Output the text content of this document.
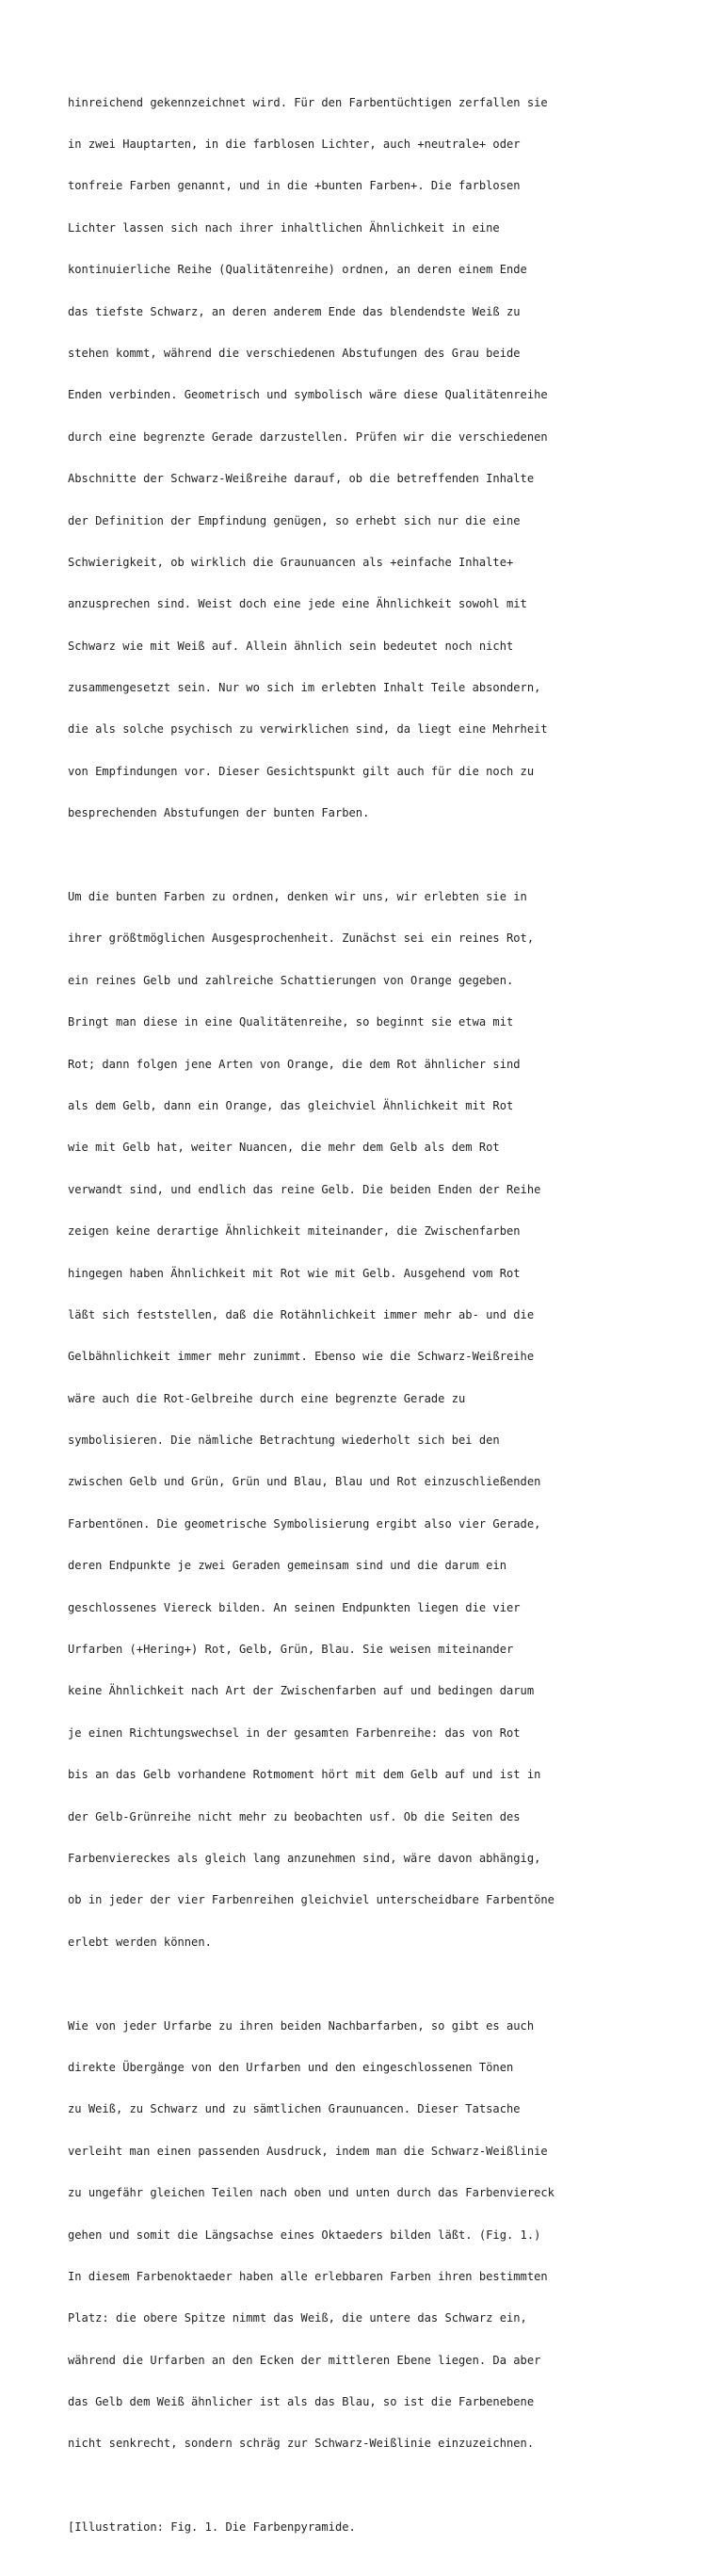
hinreichend gekennzeichnet wird. Für den Farbentüchtigen zerfallen sie

in zwei Hauptarten, in die farblosen Lichter, auch +neutrale+ oder

tonfreie Farben genannt, und in die +bunten Farben+. Die farblosen

Lichter lassen sich nach ihrer inhaltlichen Ähnlichkeit in eine

kontinuierliche Reihe (Qualitätenreihe) ordnen, an deren einem Ende

das tiefste Schwarz, an deren anderem Ende das blendendste Weiß zu

stehen kommt, während die verschiedenen Abstufungen des Grau beide

Enden verbinden. Geometrisch und symbolisch wäre diese Qualitätenreihe

durch eine begrenzte Gerade darzustellen. Prüfen wir die verschiedenen

Abschnitte der Schwarz-Weißreihe darauf, ob die betreffenden Inhalte

der Definition der Empfindung genügen, so erhebt sich nur die eine

Schwierigkeit, ob wirklich die Graunuancen als +einfache Inhalte+

anzusprechen sind. Weist doch eine jede eine Ähnlichkeit sowohl mit

Schwarz wie mit Weiß auf. Allein ähnlich sein bedeutet noch nicht

zusammengesetzt sein. Nur wo sich im erlebten Inhalt Teile absondern,

die als solche psychisch zu verwirklichen sind, da liegt eine Mehrheit

von Empfindungen vor. Dieser Gesichtspunkt gilt auch für die noch zu

besprechenden Abstufungen der bunten Farben.

Um die bunten Farben zu ordnen, denken wir uns, wir erlebten sie in

ihrer größtmöglichen Ausgesprochenheit. Zunächst sei ein reines Rot,

ein reines Gelb und zahlreiche Schattierungen von Orange gegeben.

Bringt man diese in eine Qualitätenreihe, so beginnt sie etwa mit

Rot; dann folgen jene Arten von Orange, die dem Rot ähnlicher sind

als dem Gelb, dann ein Orange, das gleichviel Ähnlichkeit mit Rot

wie mit Gelb hat, weiter Nuancen, die mehr dem Gelb als dem Rot

verwandt sind, und endlich das reine Gelb. Die beiden Enden der Reihe

zeigen keine derartige Ähnlichkeit miteinander, die Zwischenfarben

hingegen haben Ähnlichkeit mit Rot wie mit Gelb. Ausgehend vom Rot

läßt sich feststellen, daß die Rotähnlichkeit immer mehr ab- und die

Gelbähnlichkeit immer mehr zunimmt. Ebenso wie die Schwarz-Weißreihe

wäre auch die Rot-Gelbreihe durch eine begrenzte Gerade zu

symbolisieren. Die nämliche Betrachtung wiederholt sich bei den

zwischen Gelb und Grün, Grün und Blau, Blau und Rot einzuschließenden

Farbentönen. Die geometrische Symbolisierung ergibt also vier Gerade,

deren Endpunkte je zwei Geraden gemeinsam sind und die darum ein

geschlossenes Viereck bilden. An seinen Endpunkten liegen die vier

Urfarben (+Hering+) Rot, Gelb, Grün, Blau. Sie weisen miteinander

keine Ähnlichkeit nach Art der Zwischenfarben auf und bedingen darum

je einen Richtungswechsel in der gesamten Farbenreihe: das von Rot

bis an das Gelb vorhandene Rotmoment hört mit dem Gelb auf und ist in

der Gelb-Grünreihe nicht mehr zu beobachten usf. Ob die Seiten des

Farbenviereckes als gleich lang anzunehmen sind, wäre davon abhängig,

ob in jeder der vier Farbenreihen gleichviel unterscheidbare Farbentöne

erlebt werden können.

Wie von jeder Urfarbe zu ihren beiden Nachbarfarben, so gibt es auch

direkte Übergänge von den Urfarben und den eingeschlossenen Tönen

zu Weiß, zu Schwarz und zu sämtlichen Graunuancen. Dieser Tatsache

verleiht man einen passenden Ausdruck, indem man die Schwarz-Weißlinie

zu ungefähr gleichen Teilen nach oben und unten durch das Farbenviereck

gehen und somit die Längsachse eines Oktaeders bilden läßt. (Fig. 1.)

In diesem Farbenoktaeder haben alle erlebbaren Farben ihren bestimmten

Platz: die obere Spitze nimmt das Weiß, die untere das Schwarz ein,

während die Urfarben an den Ecken der mittleren Ebene liegen. Da aber

das Gelb dem Weiß ähnlicher ist als das Blau, so ist die Farbenebene

nicht senkrecht, sondern schräg zur Schwarz-Weißlinie einzuzeichnen.

[Illustration: Fig. 1. Die Farbenpyramide.
